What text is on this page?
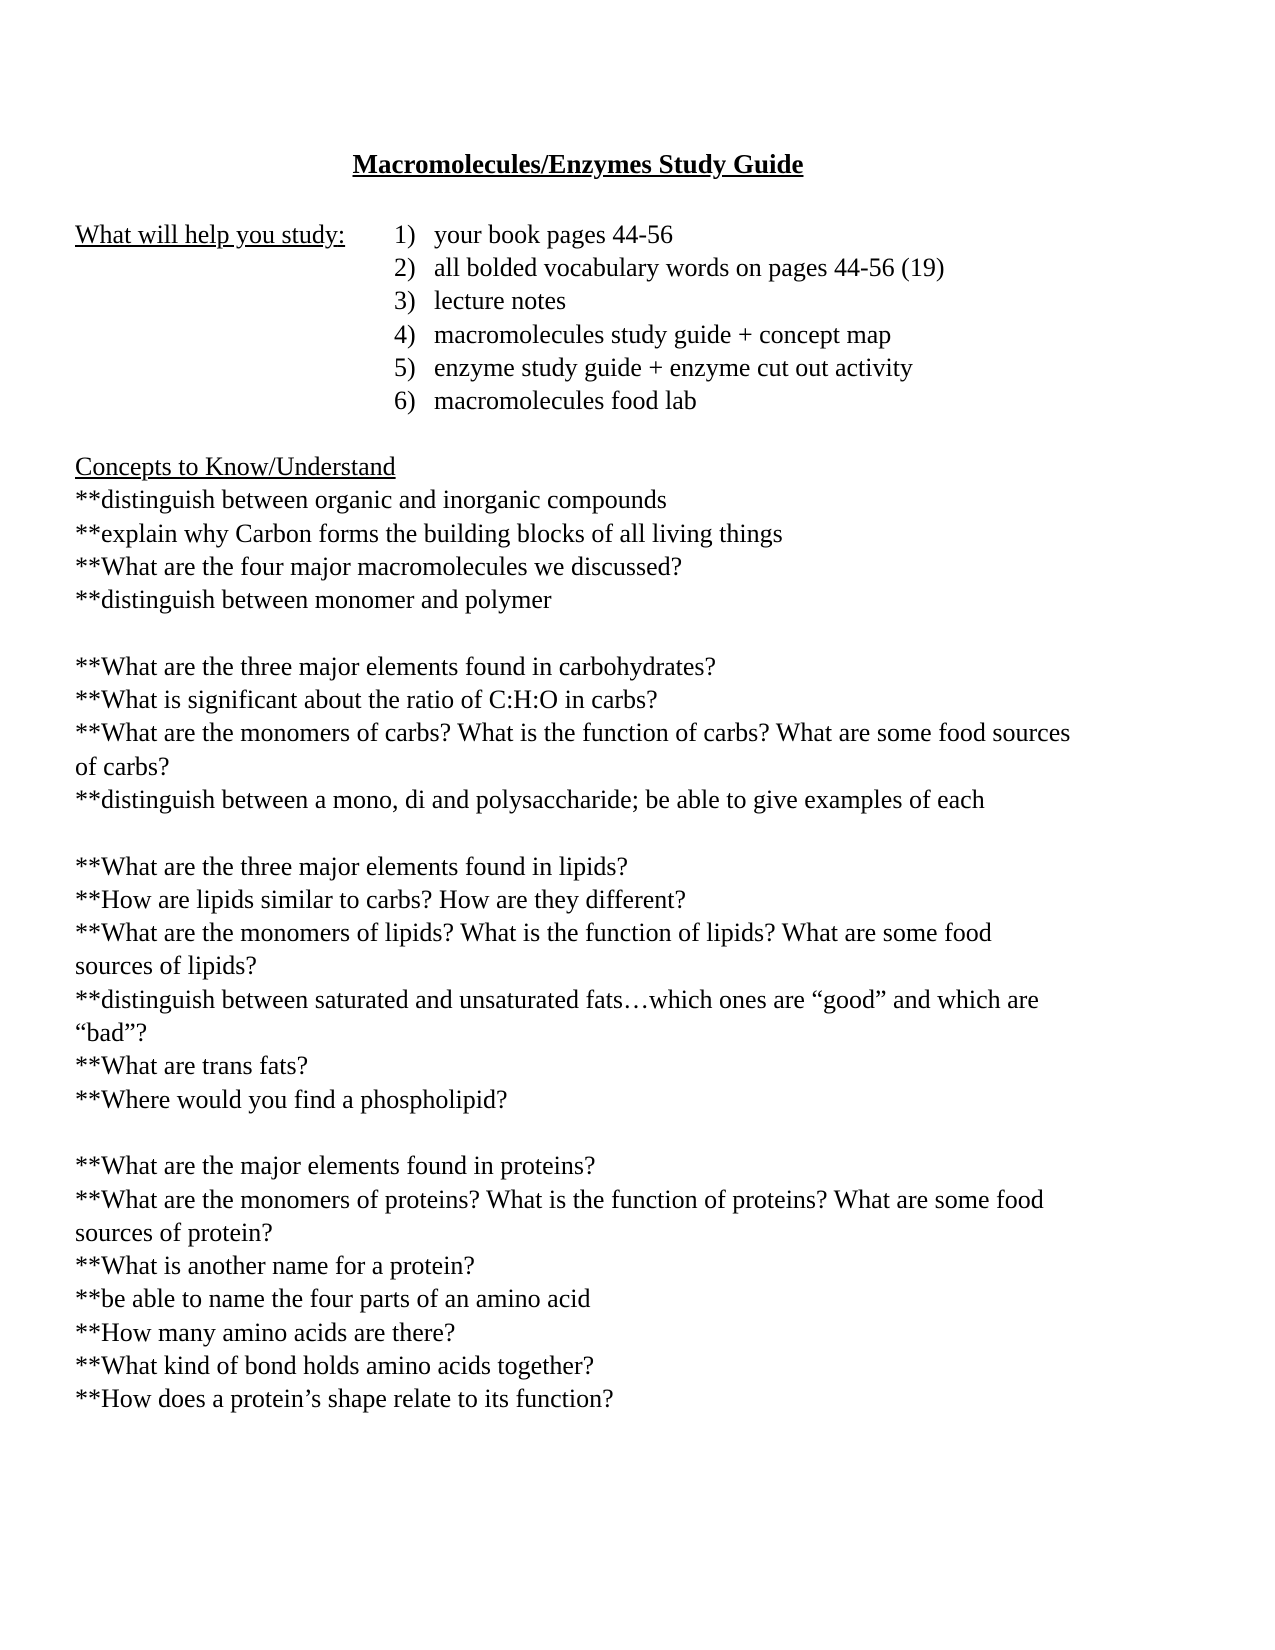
Macromolecules/Enzymes Study Guide
What will help you study: 1) your book pages 44-56
2) all bolded vocabulary words on pages 44-56 (19)
3) lecture notes
4) macromolecules study guide + concept map
5) enzyme study guide + enzyme cut out activity
6) macromolecules food lab
Concepts to Know/Understand

**distinguish between organic and inorganic compounds

**explain why Carbon forms the building blocks of all living things

**What are the four major macromolecules we discussed?

**distinguish between monomer and polymer

**What are the three major elements found in carbohydrates?

**What is significant about the ratio of C:H:O in carbs?

**What are the monomers of carbs? What is the function of carbs? What are some food sources of carbs?

**distinguish between a mono, di and polysaccharide; be able to give examples of each

**What are the three major elements found in lipids?

**How are lipids similar to carbs? How are they different?

**What are the monomers of lipids? What is the function of lipids? What are some food sources of lipids?

**distinguish between saturated and unsaturated fats…which ones are “good” and which are “bad”?

**What are trans fats?

**Where would you find a phospholipid?

**What are the major elements found in proteins?

**What are the monomers of proteins? What is the function of proteins? What are some food sources of protein?

**What is another name for a protein?

**be able to name the four parts of an amino acid

**How many amino acids are there?

**What kind of bond holds amino acids together?

**How does a protein’s shape relate to its function?
